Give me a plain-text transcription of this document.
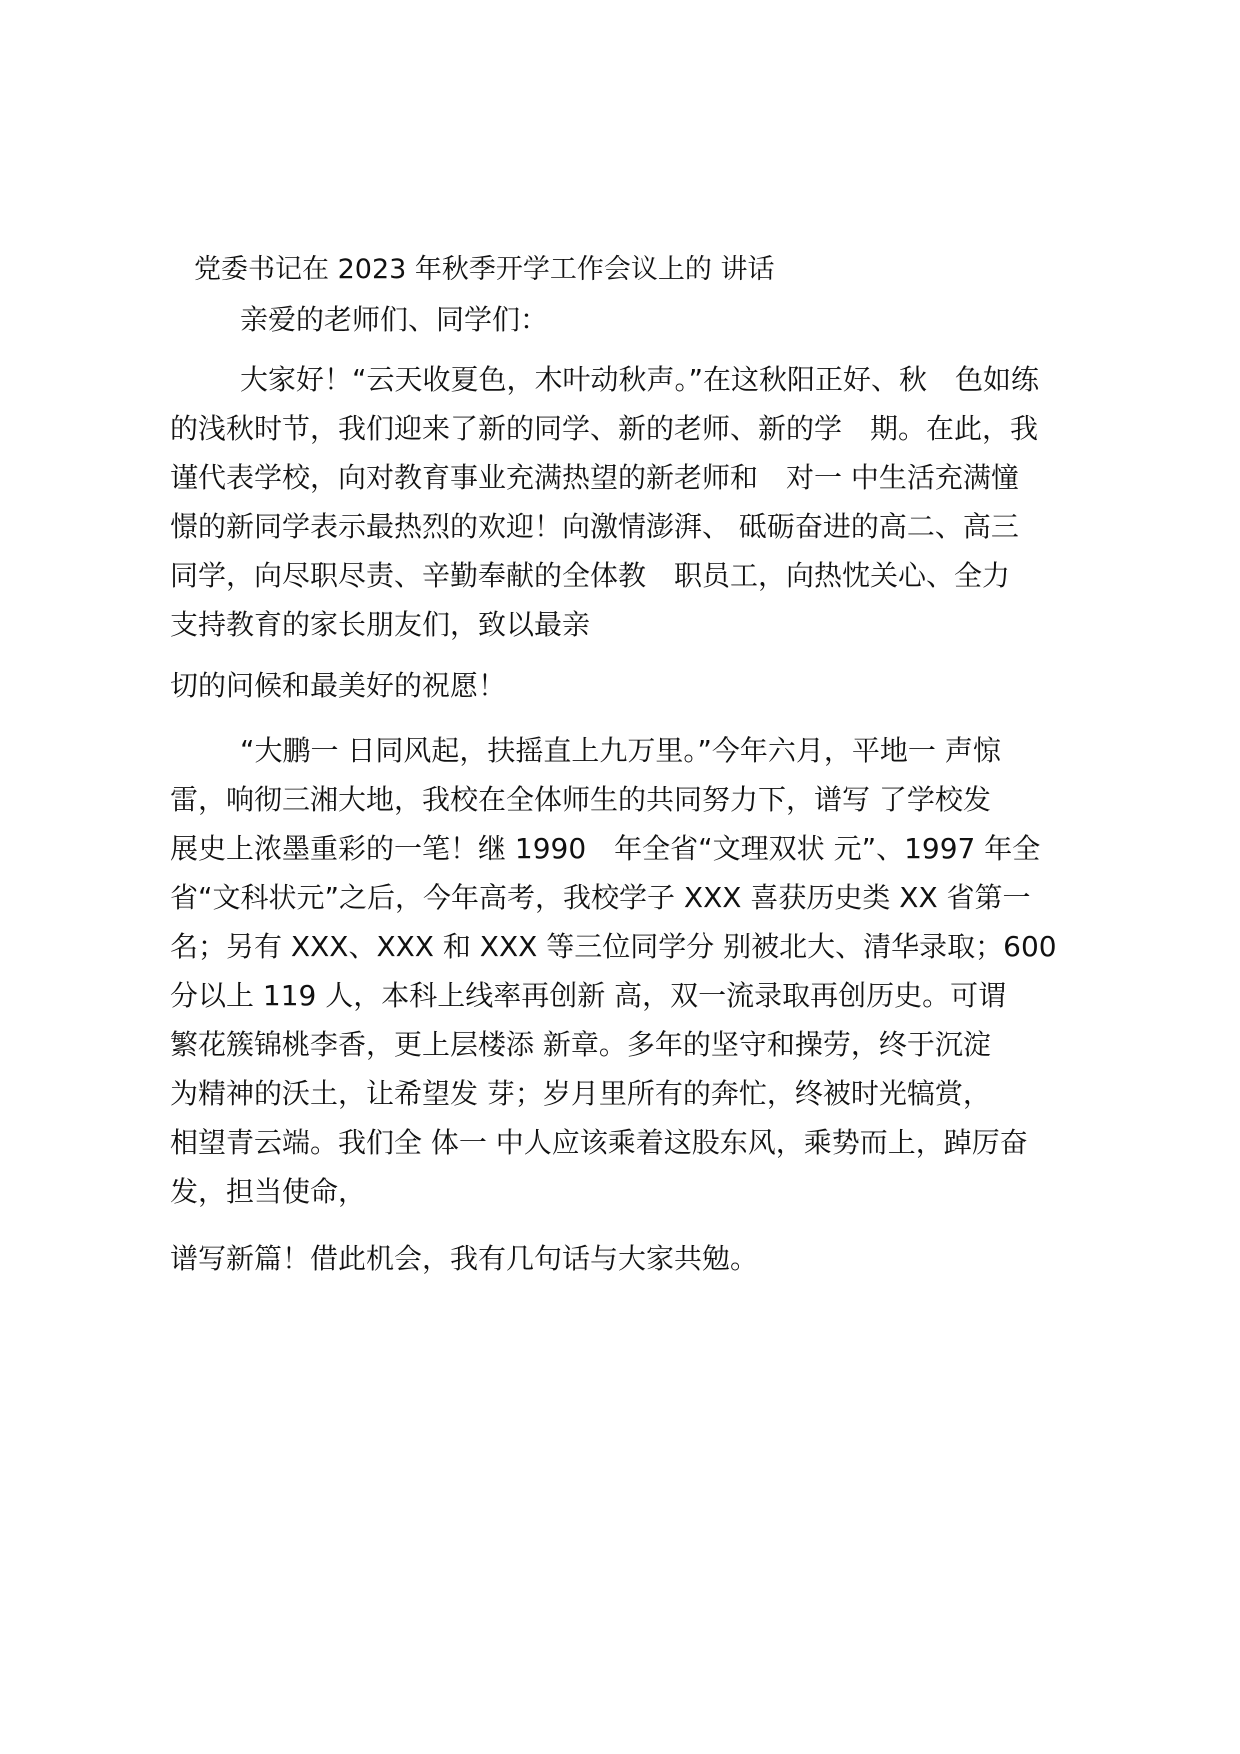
党委书记在 2023 年秋季开学工作会议上的 讲话
亲爱的老师们、同学们：
大家好！“云天收夏色，木叶动秋声。”在这秋阳正好、秋　色如练
的浅秋时节，我们迎来了新的同学、新的老师、新的学　期。在此，我
谨代表学校，向对教育事业充满热望的新老师和　对一 中生活充满憧
憬的新同学表示最热烈的欢迎！向激情澎湃、 砥砺奋进的高二、高三
同学，向尽职尽责、辛勤奉献的全体教　职员工，向热忱关心、全力
支持教育的家长朋友们，致以最亲
切的问候和最美好的祝愿！
“大鹏一 日同风起，扶摇直上九万里。”今年六月，平地一 声惊
雷，响彻三湘大地，我校在全体师生的共同努力下，谱写 了学校发
展史上浓墨重彩的一笔！继 1990　年全省“文理双状 元”、1997 年全
省“文科状元”之后，今年高考，我校学子 XXX 喜获历史类 XX 省第一
名；另有 XXX、XXX 和 XXX 等三位同学分 别被北大、清华录取；600
分以上 119 人，本科上线率再创新 高，双一流录取再创历史。可谓
繁花簇锦桃李香，更上层楼添 新章。多年的坚守和操劳，终于沉淀
为精神的沃土，让希望发 芽；岁月里所有的奔忙，终被时光犒赏，
相望青云端。我们全 体一 中人应该乘着这股东风，乘势而上，踔厉奋
发，担当使命，
谱写新篇！借此机会，我有几句话与大家共勉。
